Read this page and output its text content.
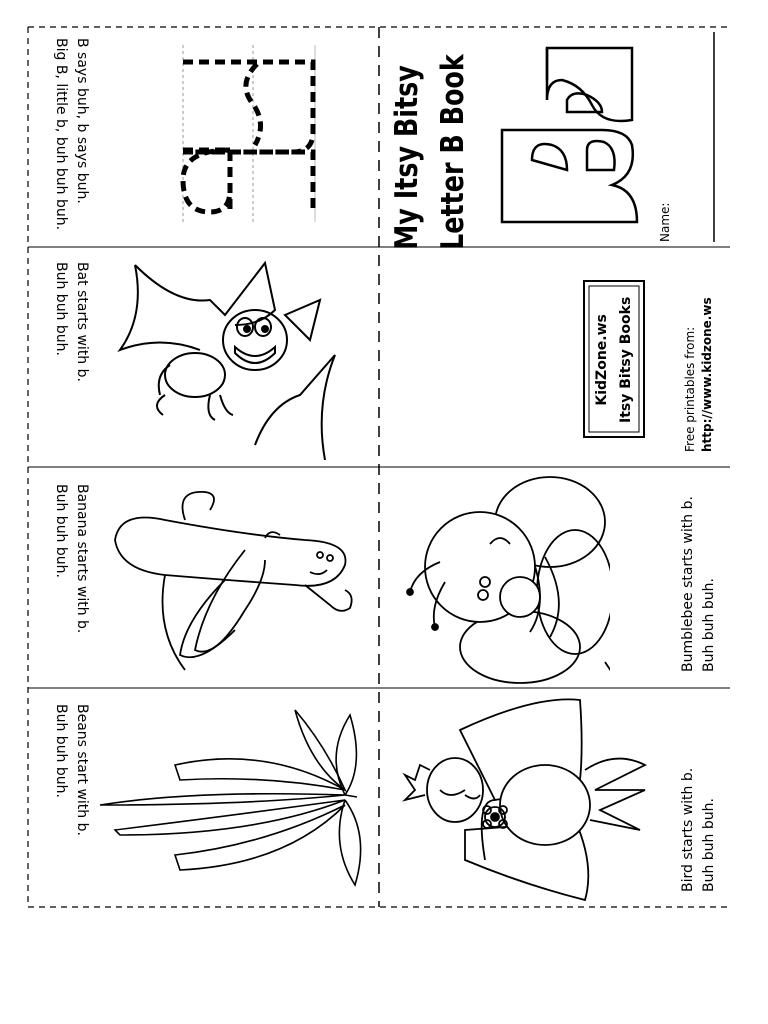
B says buh, b says buh.
Big B, little b, buh buh buh.
Bat starts with b.
Buh buh buh.
Banana starts with b.
Buh buh buh.
Beans start with b.
Buh buh buh.
My Itsy Bitsy Letter B Book	Name:
KidZone.ws Itsy Bitsy Books	Free printables from: http://www.kidzone.ws
Bumblebee starts with b. Buh buh buh.
Bird starts with b. Buh buh buh.
